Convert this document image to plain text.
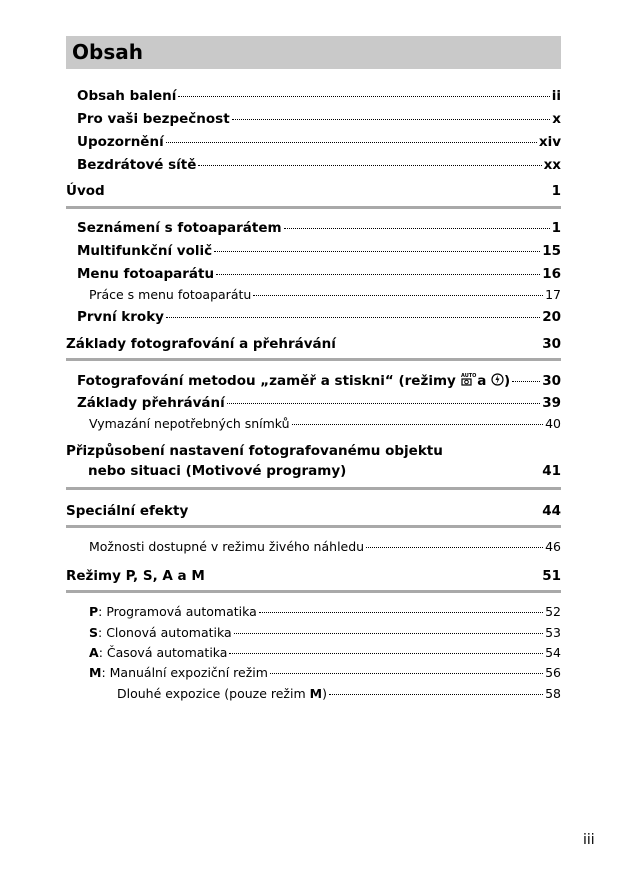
Obsah
Obsah balení	ii
Pro vaši bezpečnost	x
Upozornění	xiv
Bezdrátové sítě	xx
Úvod	1
Seznámení s fotoaparátem	1
Multifunkční volič	15
Menu fotoaparátu	16
Práce s menu fotoaparátu	17
První kroky	20
Základy fotografování a přehrávání	30
Fotografování metodou „zaměř a stiskni“ (režimy AUTO a ) 30
Základy přehrávání	39
Vymazání nepotřebných snímků	40
Přizpůsobení nastavení fotografovanému objektu
nebo situaci (Motivové programy)	41
Speciální efekty	44
Možnosti dostupné v režimu živého náhledu	46
Režimy P, S, A a M	51
P: Programová automatika	52
S: Clonová automatika	53
A: Časová automatika	54
M: Manuální expoziční režim	56
Dlouhé expozice (pouze režim M)	58
iii
